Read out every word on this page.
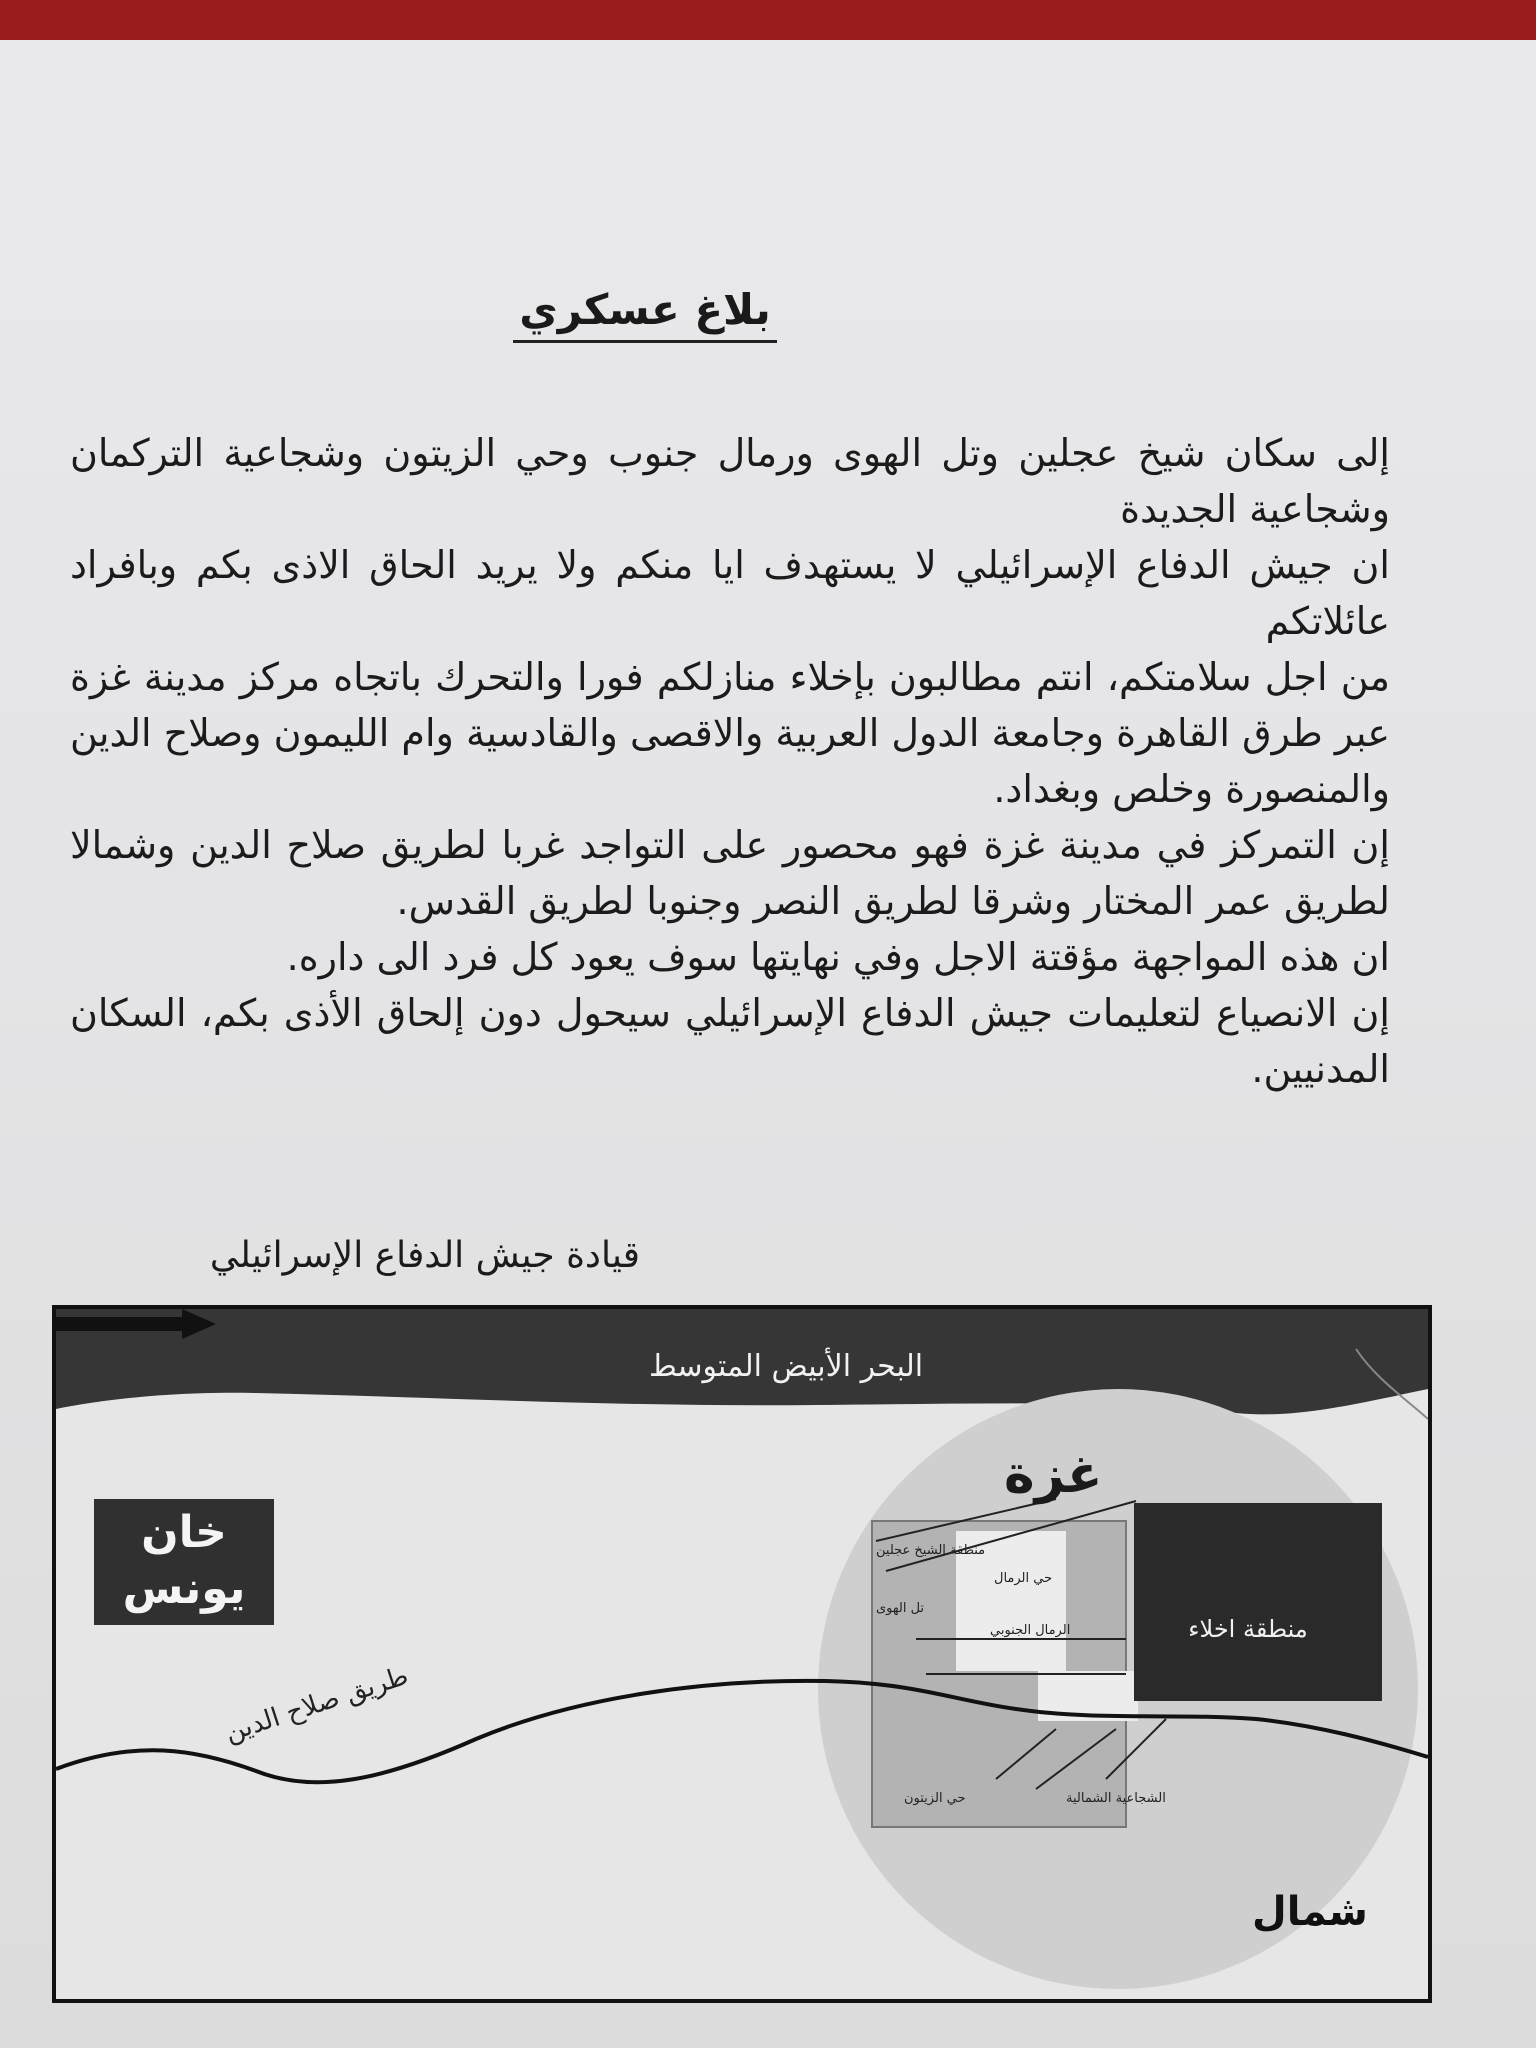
بلاغ عسكري

إلى سكان شيخ عجلين وتل الهوى ورمال جنوب وحي الزيتون وشجاعية التركمان وشجاعية الجديدة

ان جيش الدفاع الإسرائيلي لا يستهدف ايا منكم ولا يريد الحاق الاذى بكم وبافراد عائلاتكم

من اجل سلامتكم، انتم مطالبون بإخلاء منازلكم فورا والتحرك باتجاه مركز مدينة غزة عبر طرق القاهرة وجامعة الدول العربية والاقصى والقادسية وام الليمون وصلاح الدين والمنصورة وخلص وبغداد.

إن التمركز في مدينة غزة فهو محصور على التواجد غربا لطريق صلاح الدين وشمالا لطريق عمر المختار وشرقا لطريق النصر وجنوبا لطريق القدس.

ان هذه المواجهة مؤقتة الاجل وفي نهايتها سوف يعود كل فرد الى داره.

إن الانصياع لتعليمات جيش الدفاع الإسرائيلي سيحول دون إلحاق الأذى بكم، السكان المدنيين.

قيادة جيش الدفاع الإسرائيلي
البحر الأبيض المتوسط
خان يونس
غزة
منطقة اخلاء
طريق صلاح الدين
منطقة الشيخ عجلين
تل الهوى
حي الرمال
الرمال الجنوبي
حي الزيتون	الشجاعية الشمالية
شمال
